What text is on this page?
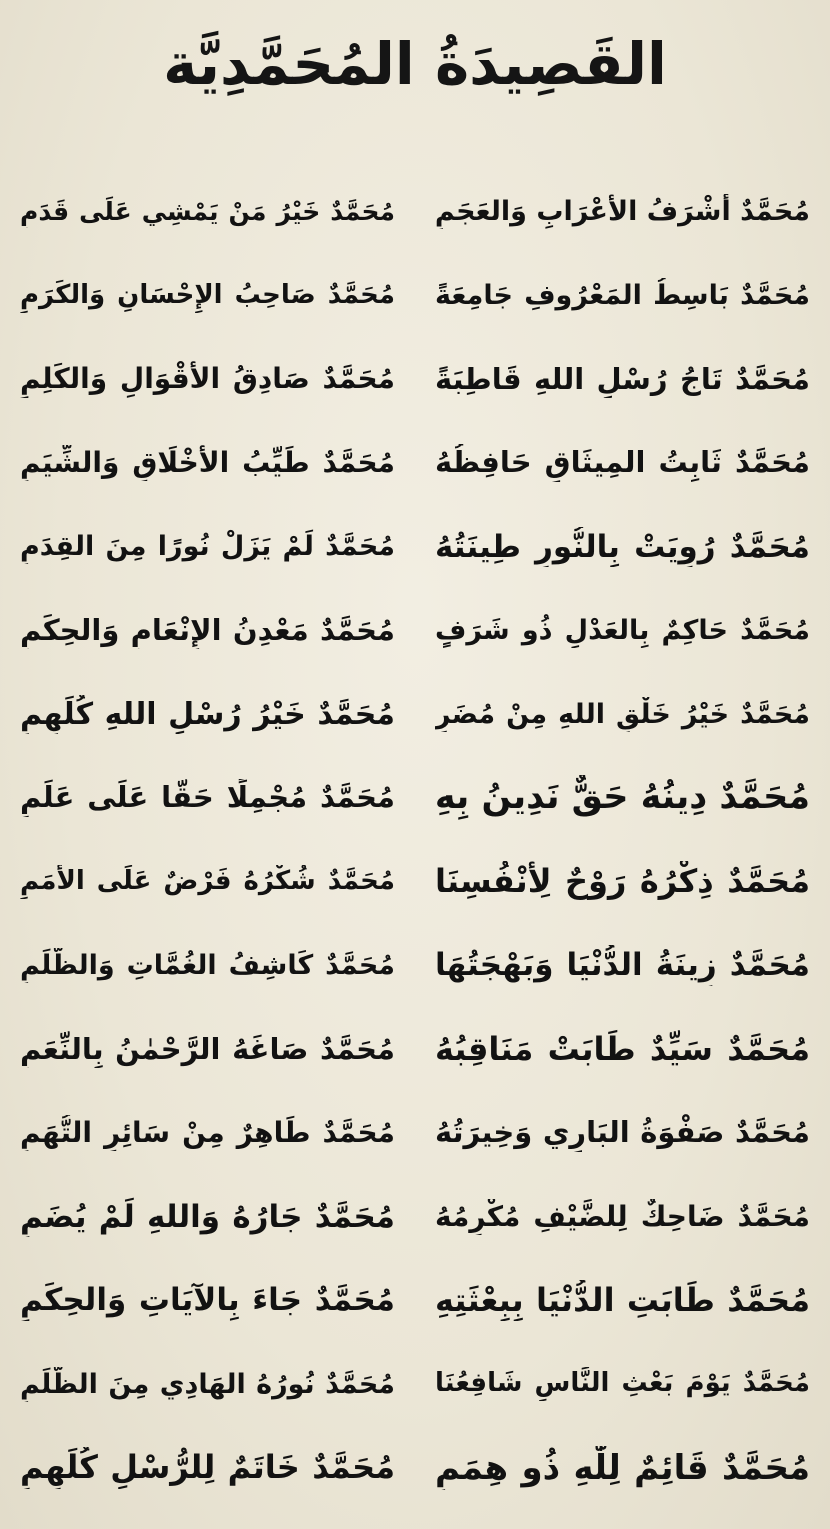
القَصِيدَةُ المُحَمَّدِيَّة
مُحَمَّدٌ أَشْرَفُ الأَعْرَابِ وَالعَجَمِ
مُحَمَّدٌ خَيْرُ مَنْ يَمْشِي عَلَى قَدَمِ
مُحَمَّدٌ بَاسِطُ المَعْرُوفِ جَامِعَةً
مُحَمَّدٌ صَاحِبُ الإِحْسَانِ وَالكَرَمِ
مُحَمَّدٌ تَاجُ رُسْلِ اللهِ قَاطِبَةً
مُحَمَّدٌ صَادِقُ الأَقْوَالِ وَالكَلِمِ
مُحَمَّدٌ ثَابِتُ المِيثَاقِ حَافِظُهُ
مُحَمَّدٌ طَيِّبُ الأَخْلَاقِ وَالشِّيَمِ
مُحَمَّدٌ رُوِيَتْ بِالنُّورِ طِينَتُهُ
مُحَمَّدٌ لَمْ يَزَلْ نُورًا مِنَ القِدَمِ
مُحَمَّدٌ حَاكِمٌ بِالعَدْلِ ذُو شَرَفٍ
مُحَمَّدٌ مَعْدِنُ الإِنْعَامِ وَالحِكَمِ
مُحَمَّدٌ خَيْرُ خَلْقِ اللهِ مِنْ مُضَرٍ
مُحَمَّدٌ خَيْرُ رُسْلِ اللهِ كُلِّهِمِ
مُحَمَّدٌ دِينُهُ حَقٌّ نَدِينُ بِهِ
مُحَمَّدٌ مُجْمِلًا حَقًّا عَلَى عَلَمِ
مُحَمَّدٌ ذِكْرُهُ رَوْحٌ لِأَنْفُسِنَا
مُحَمَّدٌ شُكْرُهُ فَرْضٌ عَلَى الأُمَمِ
مُحَمَّدٌ زِينَةُ الدُّنْيَا وَبَهْجَتُهَا
مُحَمَّدٌ كَاشِفُ الغُمَّاتِ وَالظُّلَمِ
مُحَمَّدٌ سَيِّدٌ طَابَتْ مَنَاقِبُهُ
مُحَمَّدٌ صَاغَهُ الرَّحْمٰنُ بِالنِّعَمِ
مُحَمَّدٌ صَفْوَةُ البَارِي وَخِيرَتُهُ
مُحَمَّدٌ طَاهِرٌ مِنْ سَائِرِ التُّهَمِ
مُحَمَّدٌ ضَاحِكٌ لِلضَّيْفِ مُكْرِمُهُ
مُحَمَّدٌ جَارُهُ وَاللهِ لَمْ يُضَمِ
مُحَمَّدٌ طَابَتِ الدُّنْيَا بِبِعْثَتِهِ
مُحَمَّدٌ جَاءَ بِالآيَاتِ وَالحِكَمِ
مُحَمَّدٌ يَوْمَ بَعْثِ النَّاسِ شَافِعُنَا
مُحَمَّدٌ نُورُهُ الهَادِي مِنَ الظُّلَمِ
مُحَمَّدٌ قَائِمٌ لِلّٰهِ ذُو هِمَمِ
مُحَمَّدٌ خَاتَمٌ لِلرُّسْلِ كُلِّهِمِ
